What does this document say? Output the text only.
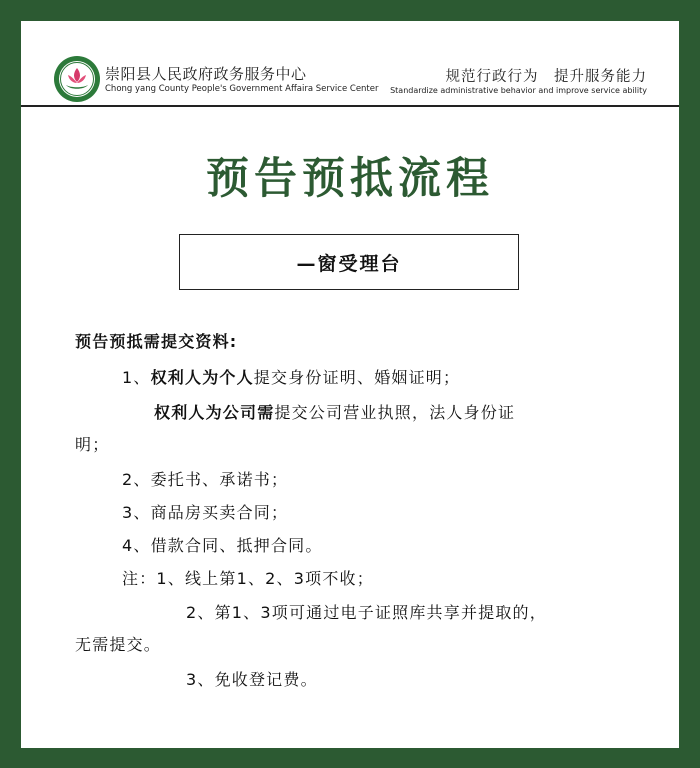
崇阳县人民政府政务服务中心
Chong yang County People's Government Affaira Service Center
规范行政行为　提升服务能力
Standardize administrative behavior and improve service ability
预告预抵流程
—窗受理台
预告预抵需提交资料:
1、权利人为个人提交身份证明、婚姻证明；
权利人为公司需提交公司营业执照，法人身份证
明；
2、委托书、承诺书；
3、商品房买卖合同；
4、借款合同、抵押合同。
注：1、线上第1、2、3项不收；
2、第1、3项可通过电子证照库共享并提取的，
无需提交。
3、免收登记费。
